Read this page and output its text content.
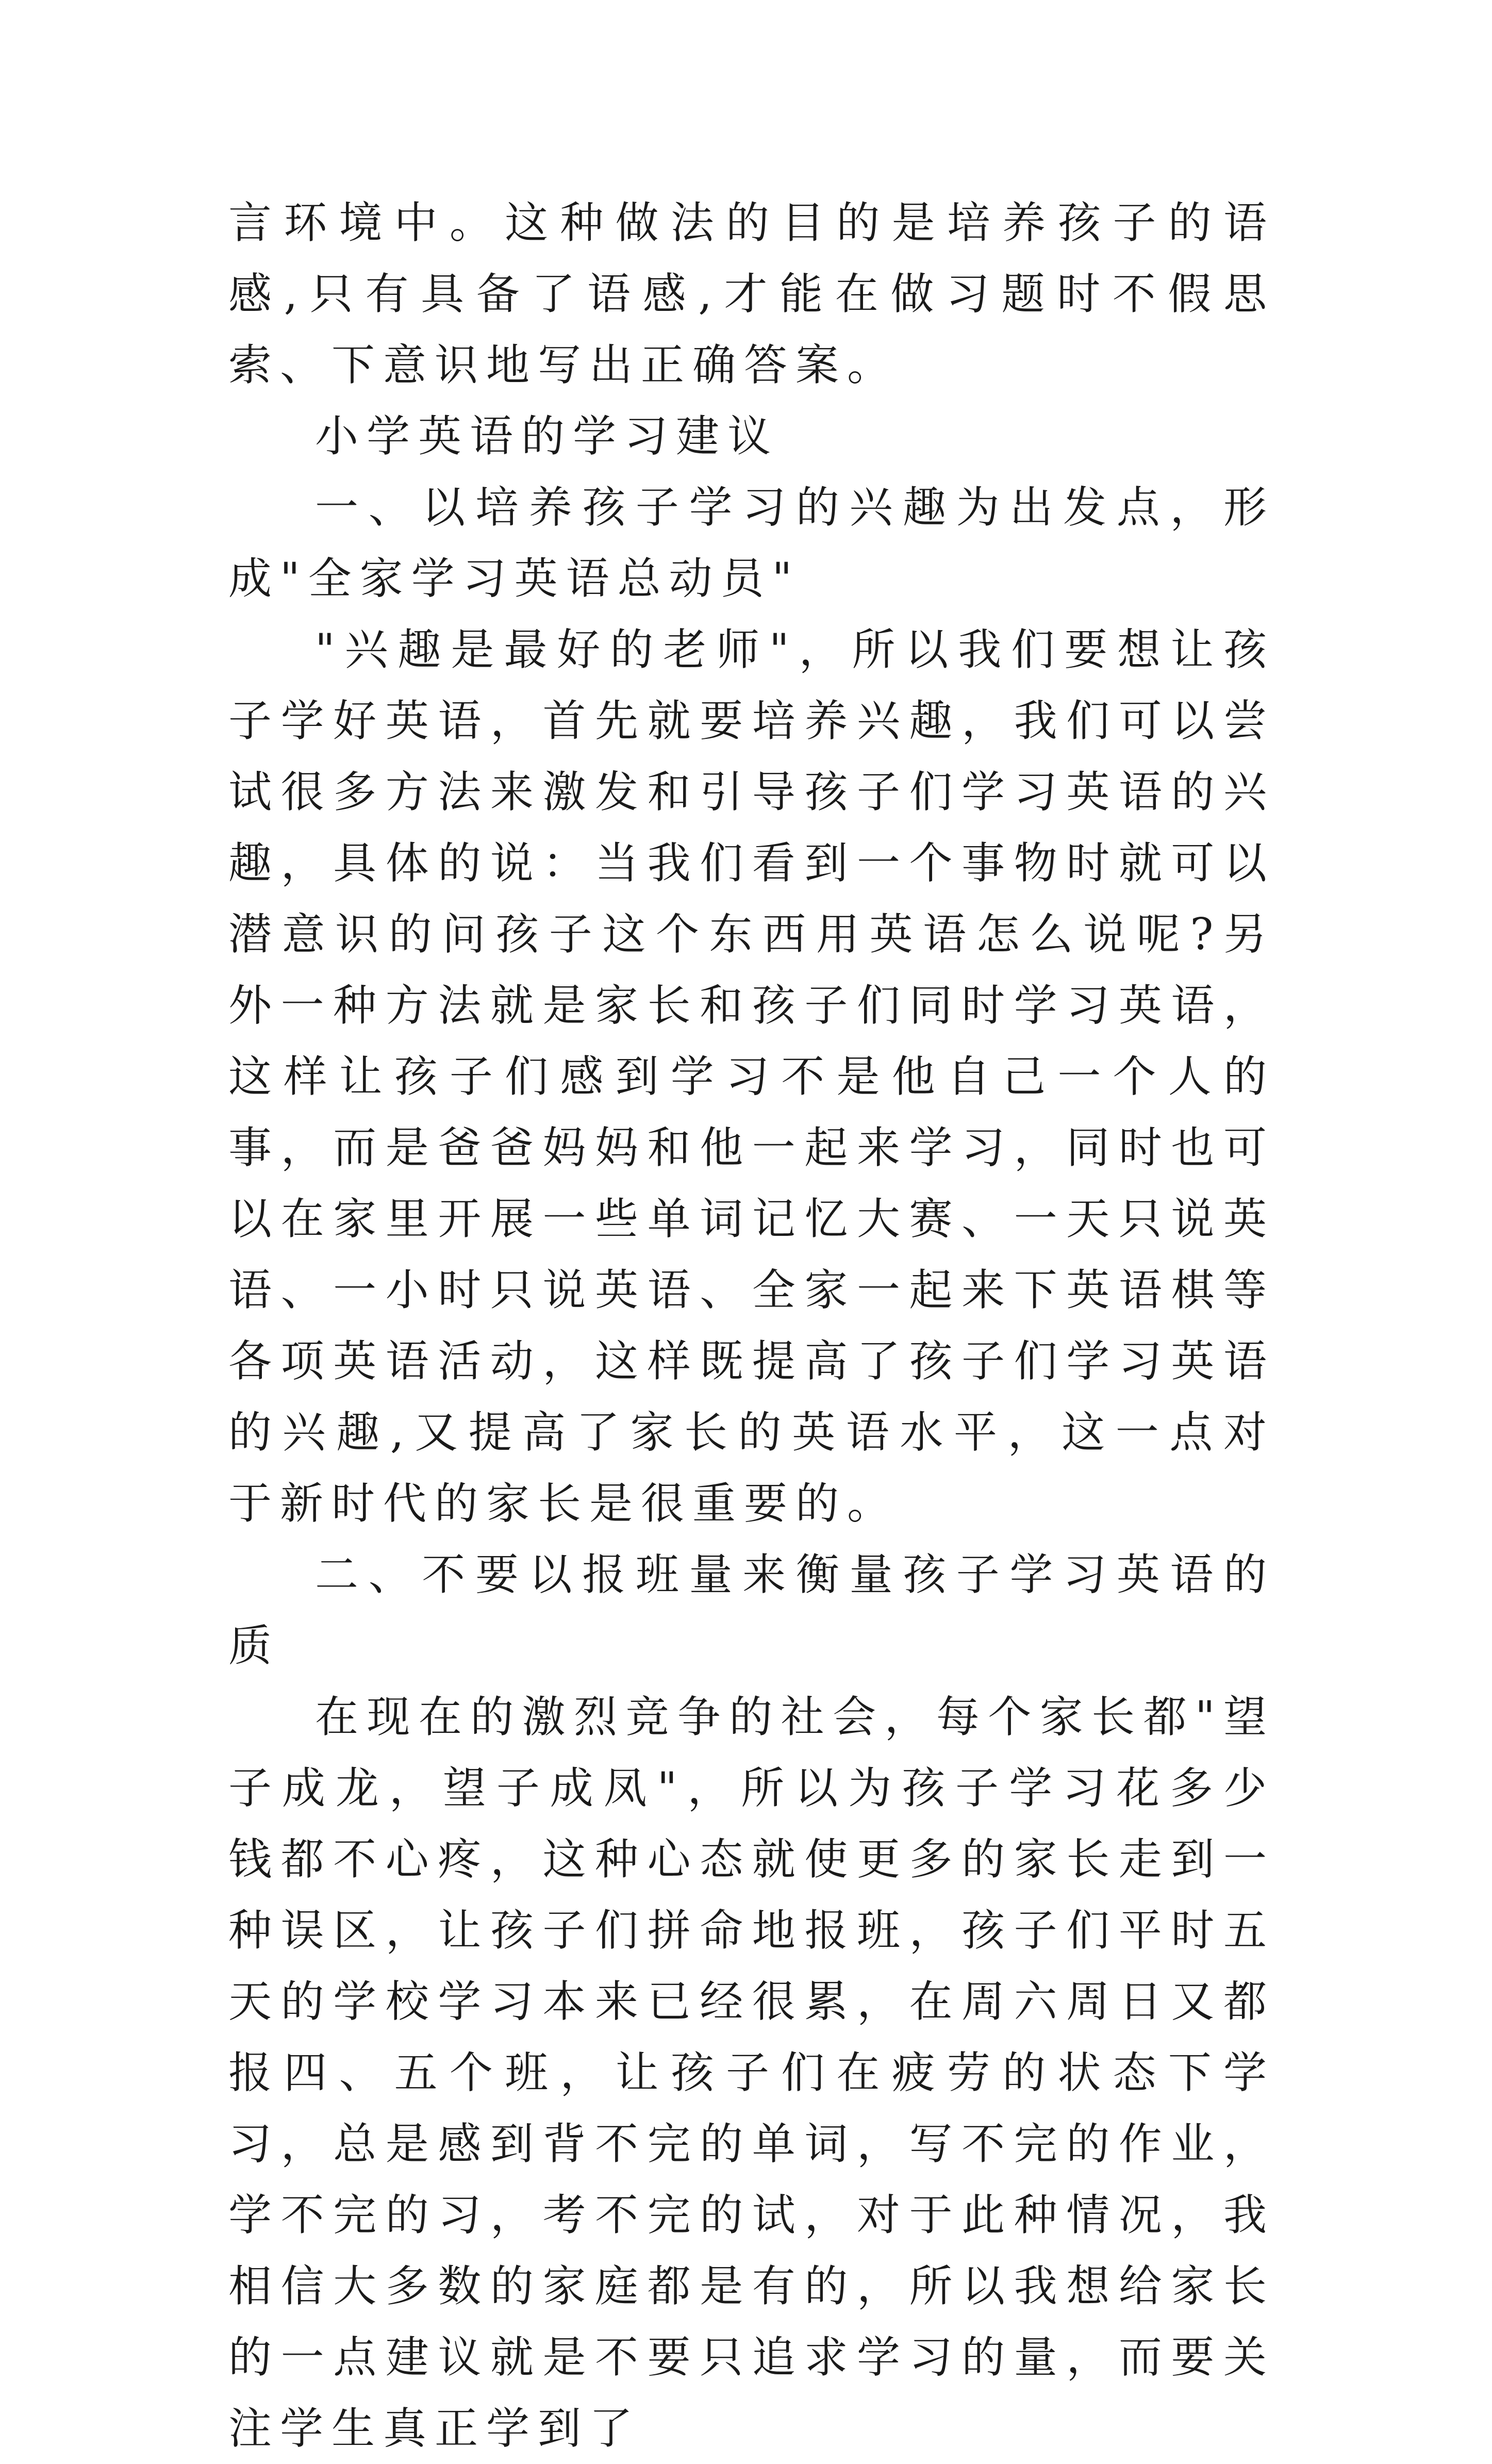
言环境中。这种做法的目的是培养孩子的语感,只有具备了语感,才能在做习题时不假思索、下意识地写出正确答案。

小学英语的学习建议

一、以培养孩子学习的兴趣为出发点，形成"全家学习英语总动员"

"兴趣是最好的老师"，所以我们要想让孩子学好英语，首先就要培养兴趣，我们可以尝试很多方法来激发和引导孩子们学习英语的兴趣，具体的说：当我们看到一个事物时就可以潜意识的问孩子这个东西用英语怎么说呢?另外一种方法就是家长和孩子们同时学习英语，这样让孩子们感到学习不是他自己一个人的事，而是爸爸妈妈和他一起来学习，同时也可以在家里开展一些单词记忆大赛、一天只说英语、一小时只说英语、全家一起来下英语棋等各项英语活动，这样既提高了孩子们学习英语的兴趣,又提高了家长的英语水平，这一点对于新时代的家长是很重要的。

二、不要以报班量来衡量孩子学习英语的质

在现在的激烈竞争的社会，每个家长都"望子成龙，望子成凤"，所以为孩子学习花多少钱都不心疼，这种心态就使更多的家长走到一种误区，让孩子们拼命地报班，孩子们平时五天的学校学习本来已经很累，在周六周日又都报四、五个班，让孩子们在疲劳的状态下学习，总是感到背不完的单词，写不完的作业，学不完的习，考不完的试，对于此种情况，我相信大多数的家庭都是有的，所以我想给家长的一点建议就是不要只追求学习的量，而要关注学生真正学到了
